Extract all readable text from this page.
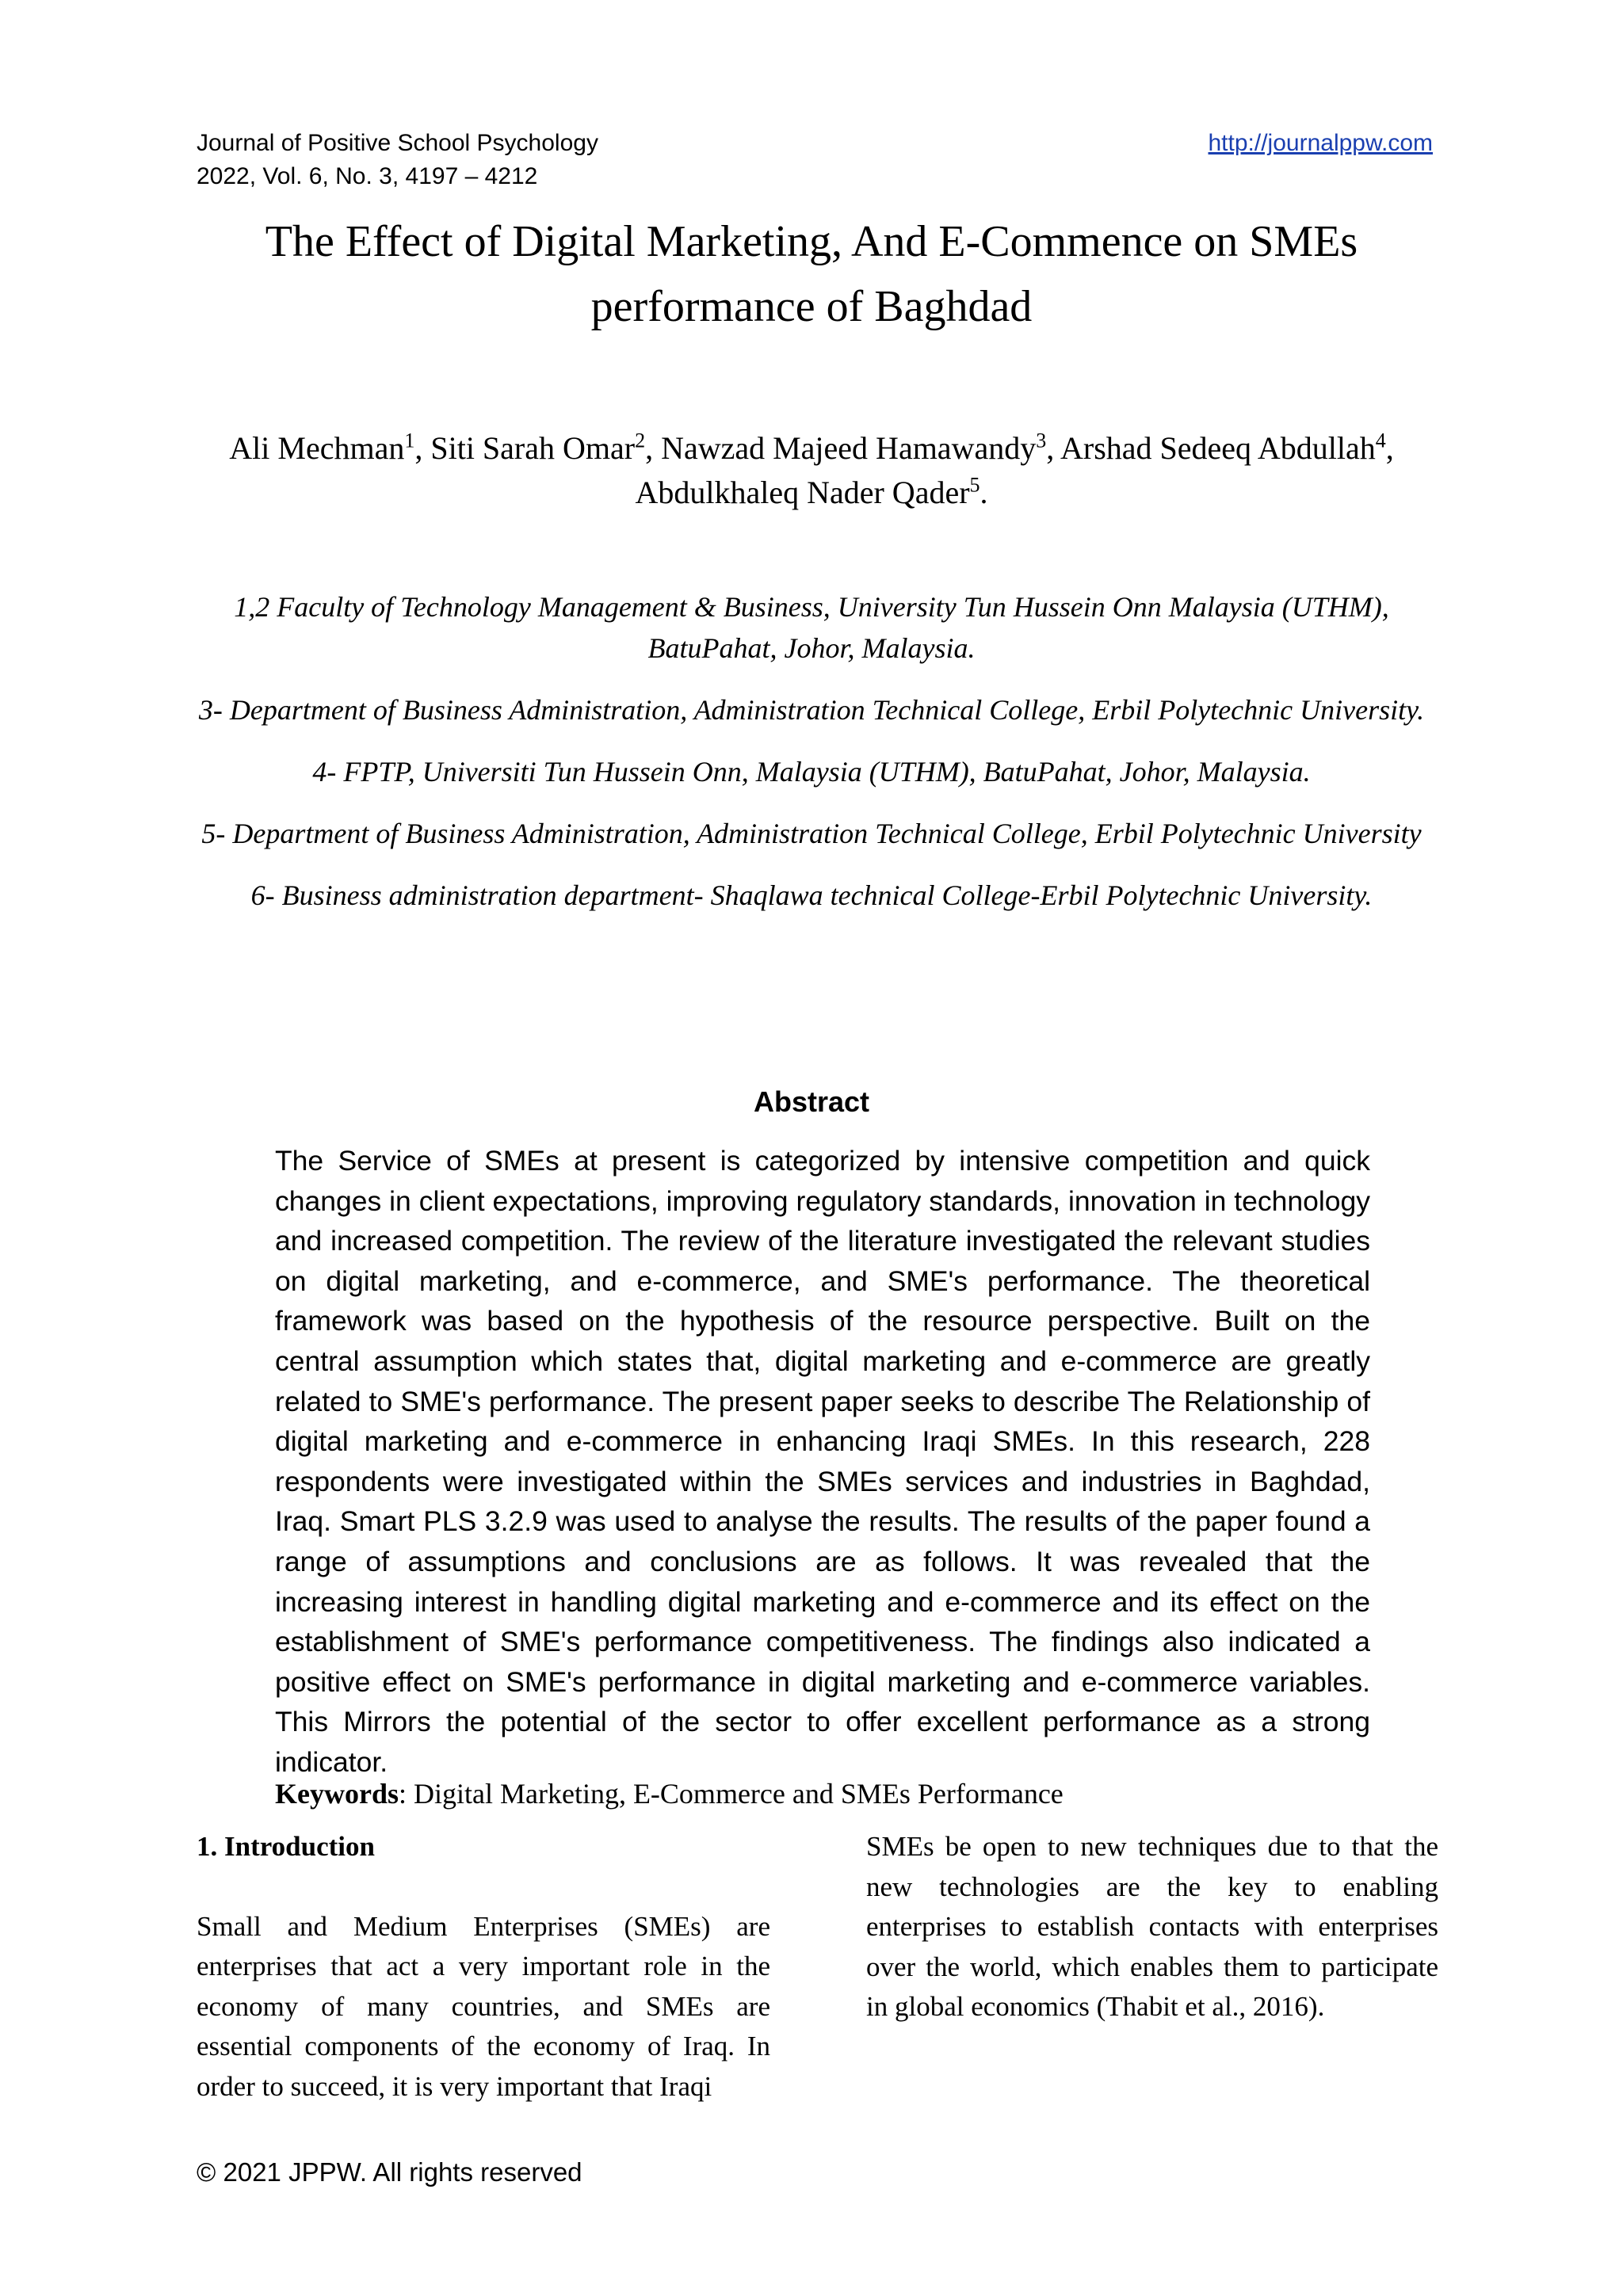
Journal of Positive School Psychology
2022, Vol. 6, No. 3, 4197 – 4212
http://journalppw.com
The Effect of Digital Marketing, And E-Commence on SMEs
performance of Baghdad
Ali Mechman$^1$, Siti Sarah Omar$^2$, Nawzad Majeed Hamawandy$^3$, Arshad Sedeeq Abdullah$^4$, Abdulkhaleq Nader Qader$^5$.

1,2 Faculty of Technology Management & Business, University Tun Hussein Onn Malaysia (UTHM), BatuPahat, Johor, Malaysia.

3- Department of Business Administration, Administration Technical College, Erbil Polytechnic University.

4- FPTP, Universiti Tun Hussein Onn, Malaysia (UTHM), BatuPahat, Johor, Malaysia.

5- Department of Business Administration, Administration Technical College, Erbil Polytechnic University

6- Business administration department- Shaqlawa technical College-Erbil Polytechnic University.

Abstract
The Service of SMEs at present is categorized by intensive competition and quick changes in client expectations, improving regulatory standards, innovation in technology and increased competition. The review of the literature investigated the relevant studies on digital marketing, and e-commerce, and SME's performance. The theoretical framework was based on the hypothesis of the resource perspective. Built on the central assumption which states that, digital marketing and e-commerce are greatly related to SME's performance. The present paper seeks to describe The Relationship of digital marketing and e-commerce in enhancing Iraqi SMEs. In this research, 228 respondents were investigated within the SMEs services and industries in Baghdad, Iraq. Smart PLS 3.2.9 was used to analyse the results. The results of the paper found a range of assumptions and conclusions are as follows. It was revealed that the increasing interest in handling digital marketing and e-commerce and its effect on the establishment of SME's performance competitiveness. The findings also indicated a positive effect on SME's performance in digital marketing and e-commerce variables. This Mirrors the potential of the sector to offer excellent performance as a strong indicator.
Keywords: Digital Marketing, E-Commerce and SMEs Performance
1. Introduction

Small and Medium Enterprises (SMEs) are enterprises that act a very important role in the economy of many countries, and SMEs are essential components of the economy of Iraq. In order to succeed, it is very important that Iraqi

SMEs be open to new techniques due to that the new technologies are the key to enabling enterprises to establish contacts with enterprises over the world, which enables them to participate in global economics (Thabit et al., 2016).

© 2021 JPPW. All rights reserved
